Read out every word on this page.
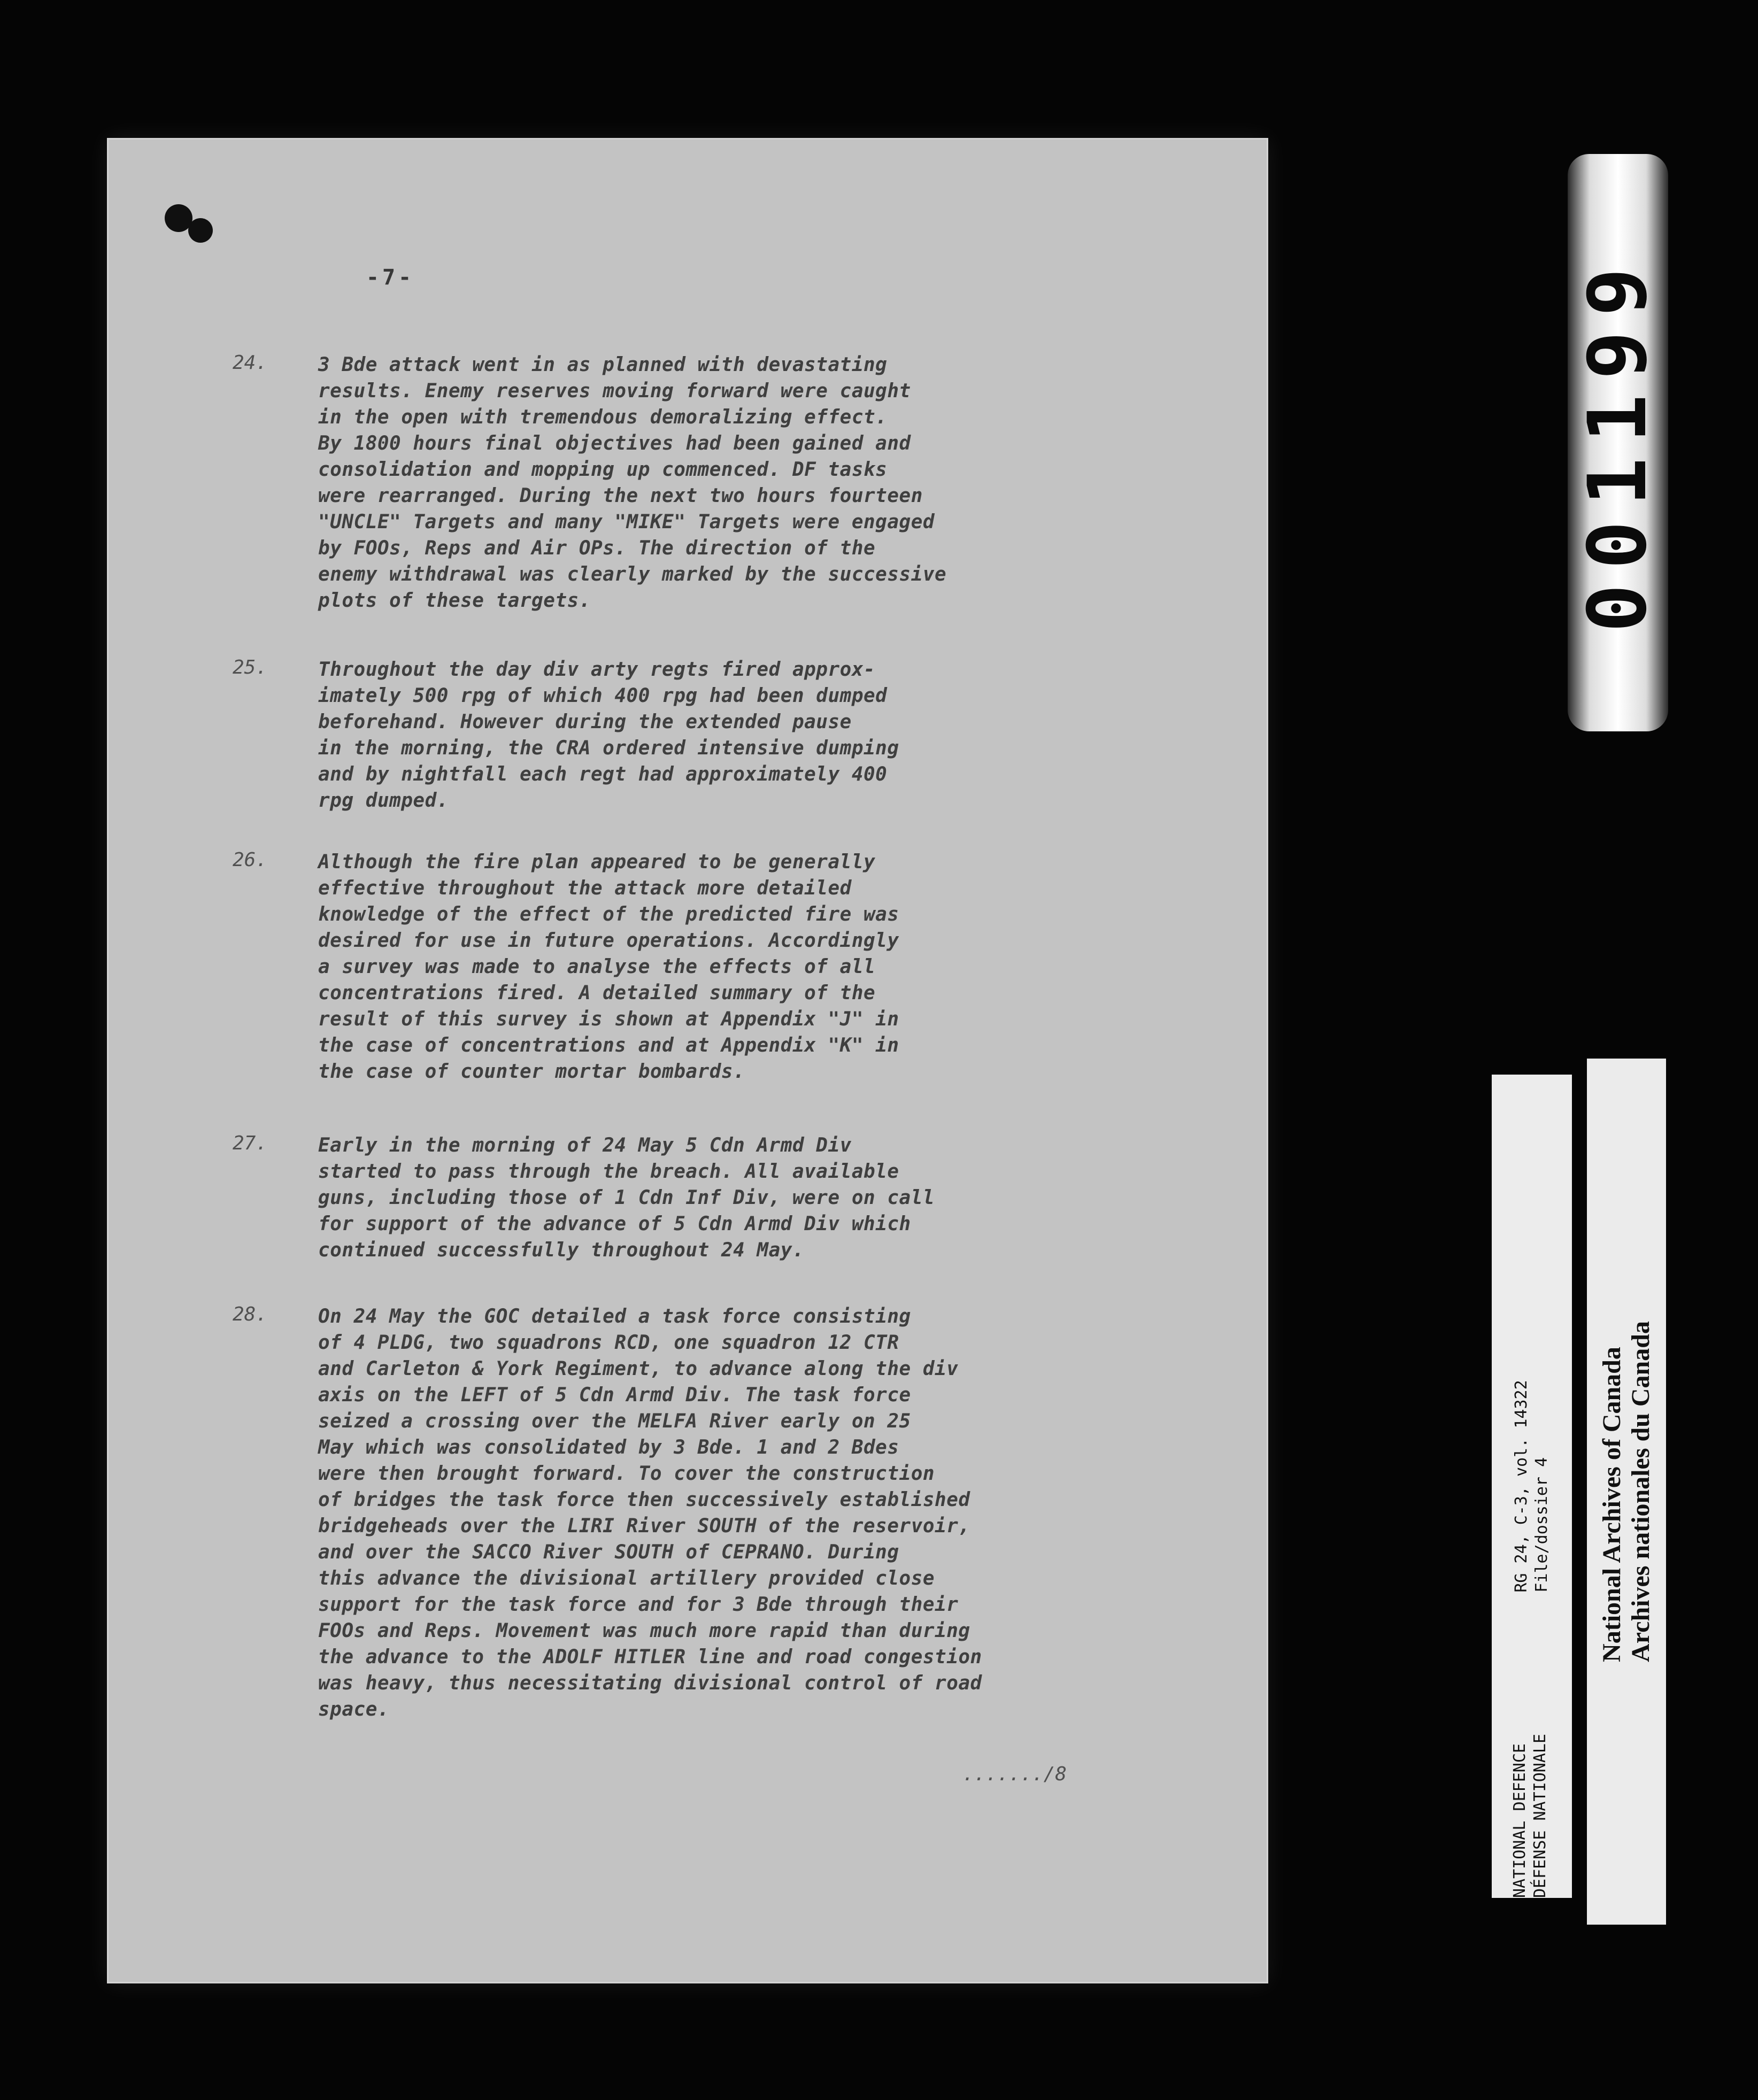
-7-
24.	3 Bde attack went in as planned with devastating
results. Enemy reserves moving forward were caught
in the open with tremendous demoralizing effect.
By 1800 hours final objectives had been gained and
consolidation and mopping up commenced. DF tasks
were rearranged. During the next two hours fourteen
"UNCLE" Targets and many "MIKE" Targets were engaged
by FOOs, Reps and Air OPs. The direction of the
enemy withdrawal was clearly marked by the successive
plots of these targets.

25.	Throughout the day div arty regts fired approx-
imately 500 rpg of which 400 rpg had been dumped
beforehand. However during the extended pause
in the morning, the CRA ordered intensive dumping
and by nightfall each regt had approximately 400
rpg dumped.

26.	Although the fire plan appeared to be generally
effective throughout the attack more detailed
knowledge of the effect of the predicted fire was
desired for use in future operations. Accordingly
a survey was made to analyse the effects of all
concentrations fired. A detailed summary of the
result of this survey is shown at Appendix "J" in
the case of concentrations and at Appendix "K" in
the case of counter mortar bombards.

27.	Early in the morning of 24 May 5 Cdn Armd Div
started to pass through the breach. All available
guns, including those of 1 Cdn Inf Div, were on call
for support of the advance of 5 Cdn Armd Div which
continued successfully throughout 24 May.

28.	On 24 May the GOC detailed a task force consisting
of 4 PLDG, two squadrons RCD, one squadron 12 CTR
and Carleton & York Regiment, to advance along the div
axis on the LEFT of 5 Cdn Armd Div. The task force
seized a crossing over the MELFA River early on 25
May which was consolidated by 3 Bde. 1 and 2 Bdes
were then brought forward. To cover the construction
of bridges the task force then successively established
bridgeheads over the LIRI River SOUTH of the reservoir,
and over the SACCO River SOUTH of CEPRANO. During
this advance the divisional artillery provided close
support for the task force and for 3 Bde through their
FOOs and Reps. Movement was much more rapid than during
the advance to the ADOLF HITLER line and road congestion
was heavy, thus necessitating divisional control of road
space.

......./8
001199
RG 24, C-3, vol. 14322 File/dossier 4
NATIONAL DEFENCE DÉFENSE NATIONALE
National Archives of Canada Archives nationales du Canada
